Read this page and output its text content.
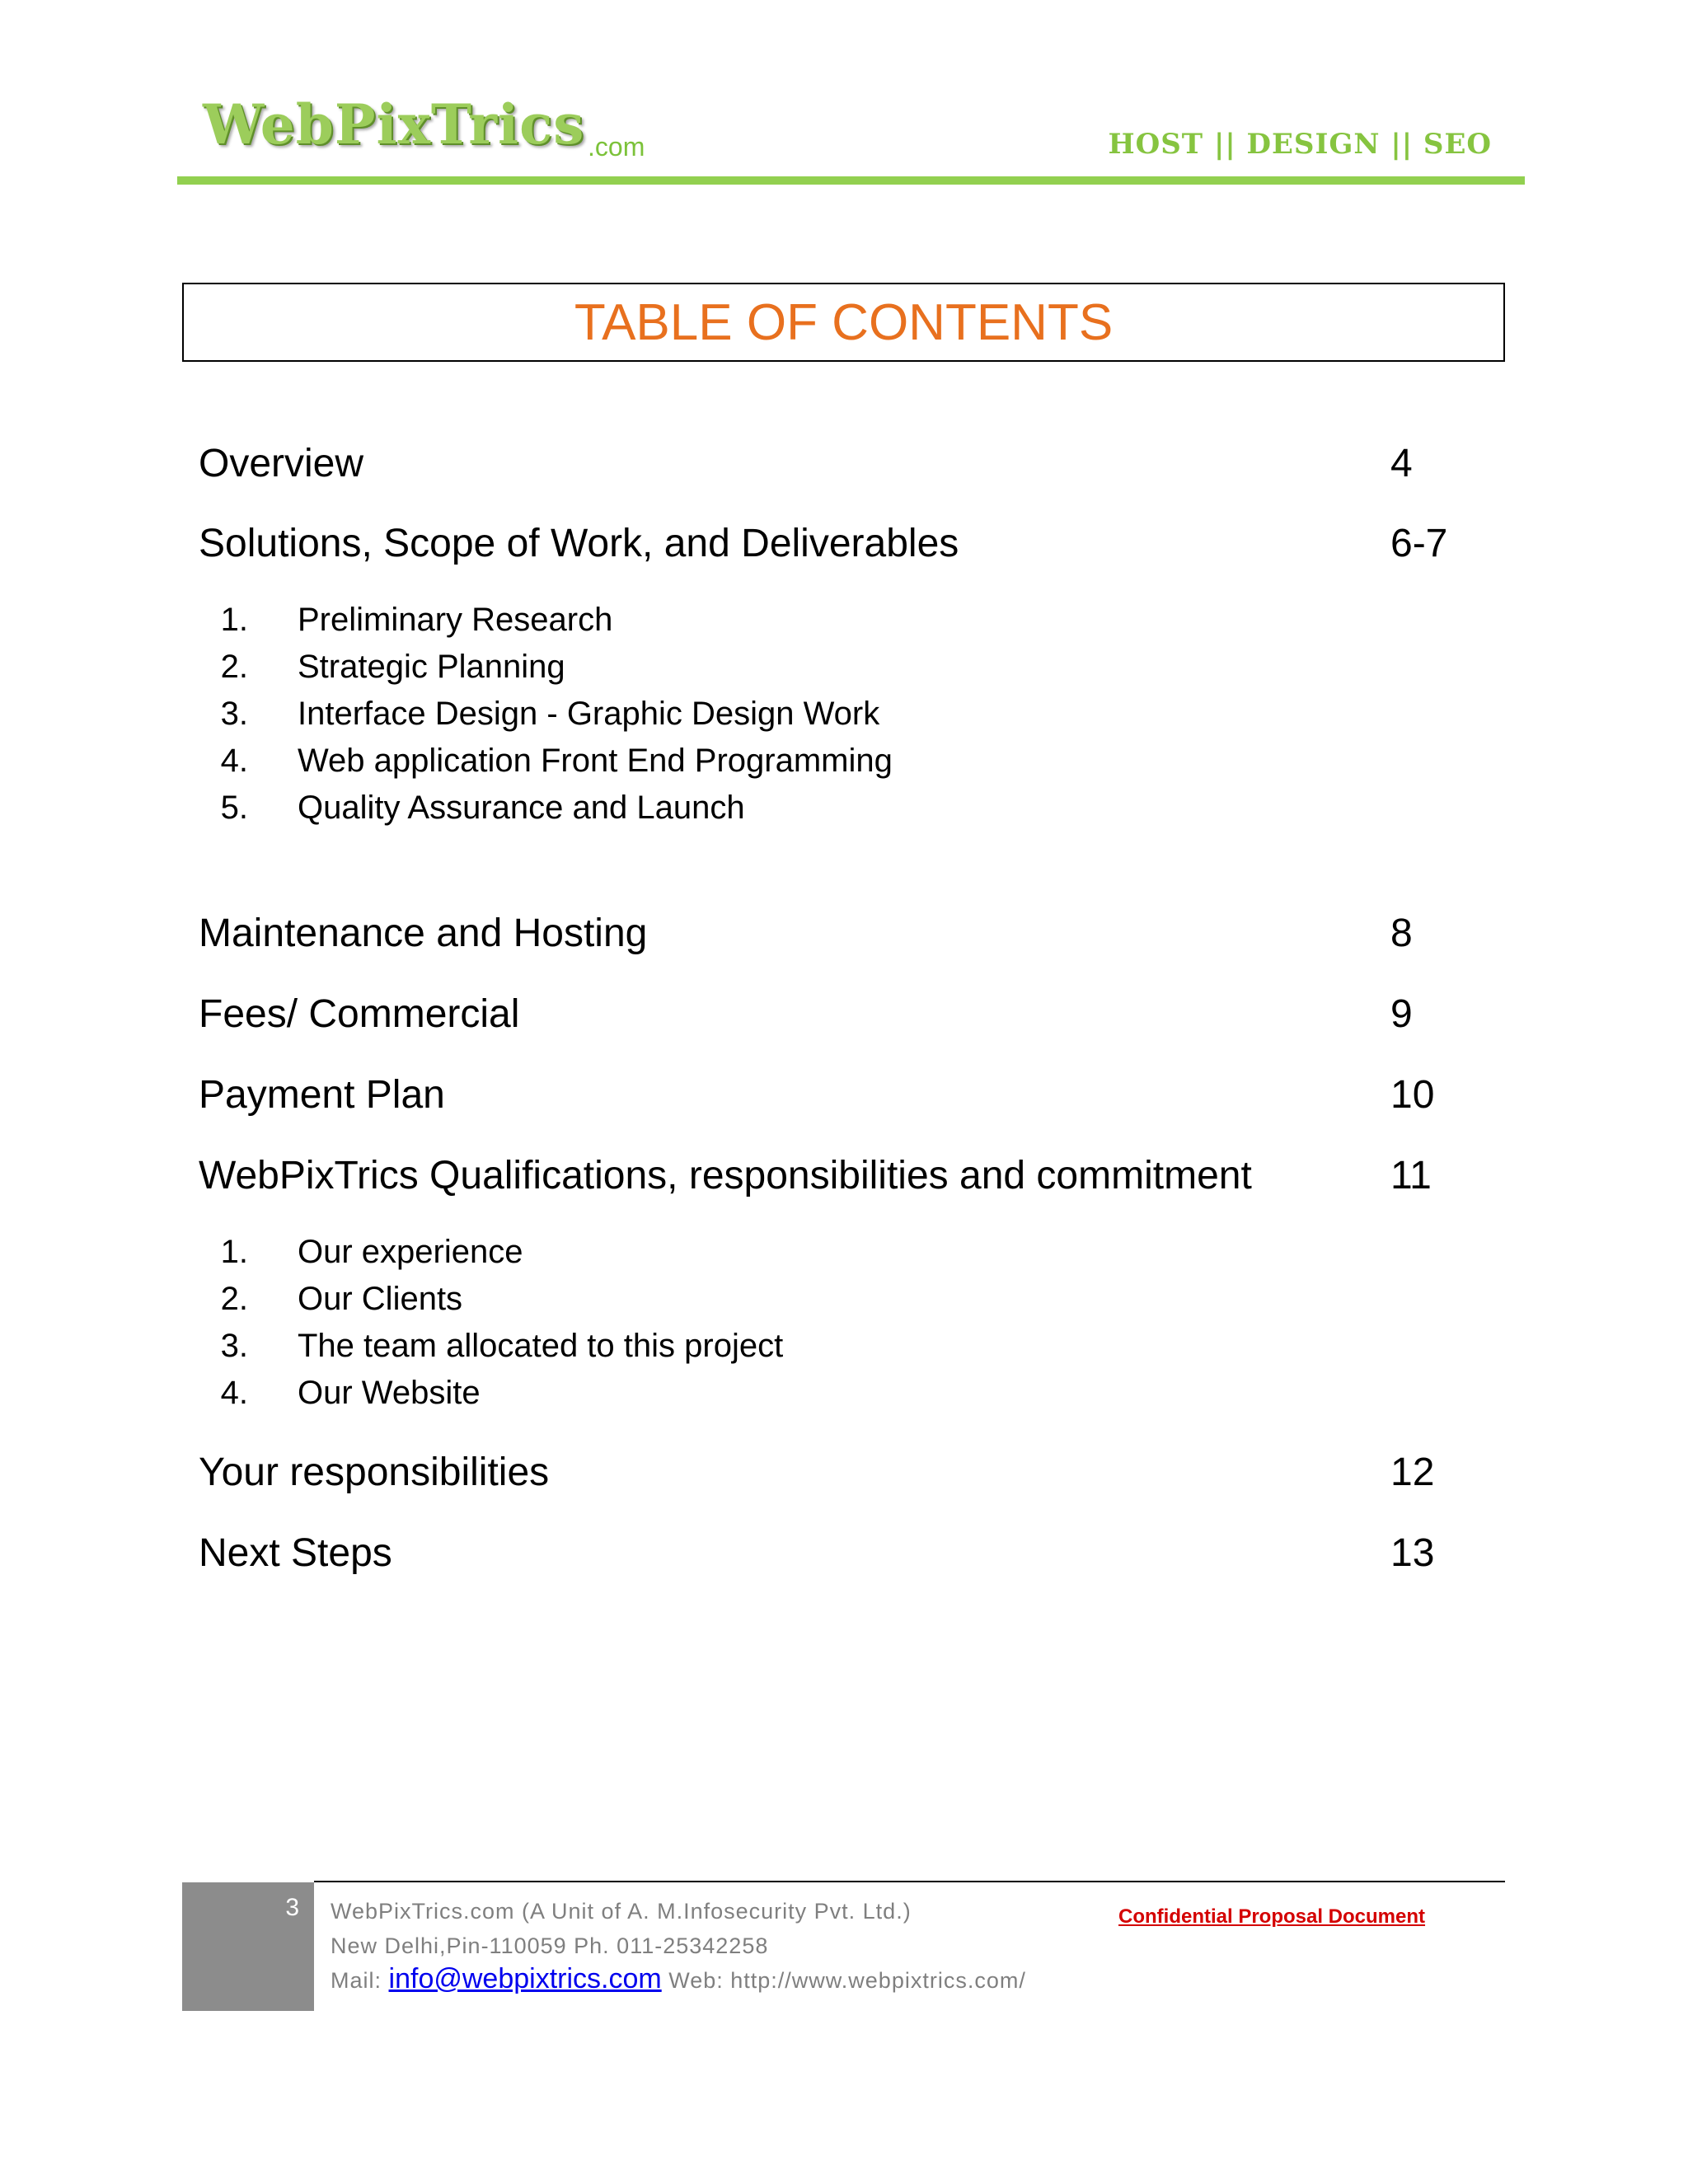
WebPixTrics .com	HOST || DESIGN || SEO
TABLE OF CONTENTS
Overview	4
Solutions, Scope of Work, and Deliverables	6-7
1. Preliminary Research
2. Strategic Planning
3. Interface Design - Graphic Design Work
4. Web application Front End Programming
5. Quality Assurance and Launch
Maintenance and Hosting	8
Fees/ Commercial	9
Payment Plan	10
WebPixTrics Qualifications, responsibilities and commitment	11
1. Our experience
2. Our Clients
3. The team allocated to this project
4. Our Website
Your responsibilities	12
Next Steps	13
3 WebPixTrics.com (A Unit of A. M.Infosecurity Pvt. Ltd.)
New Delhi,Pin-110059 Ph. 011-25342258
Mail: info@webpixtrics.com Web: http://www.webpixtrics.com/
Confidential Proposal Document
